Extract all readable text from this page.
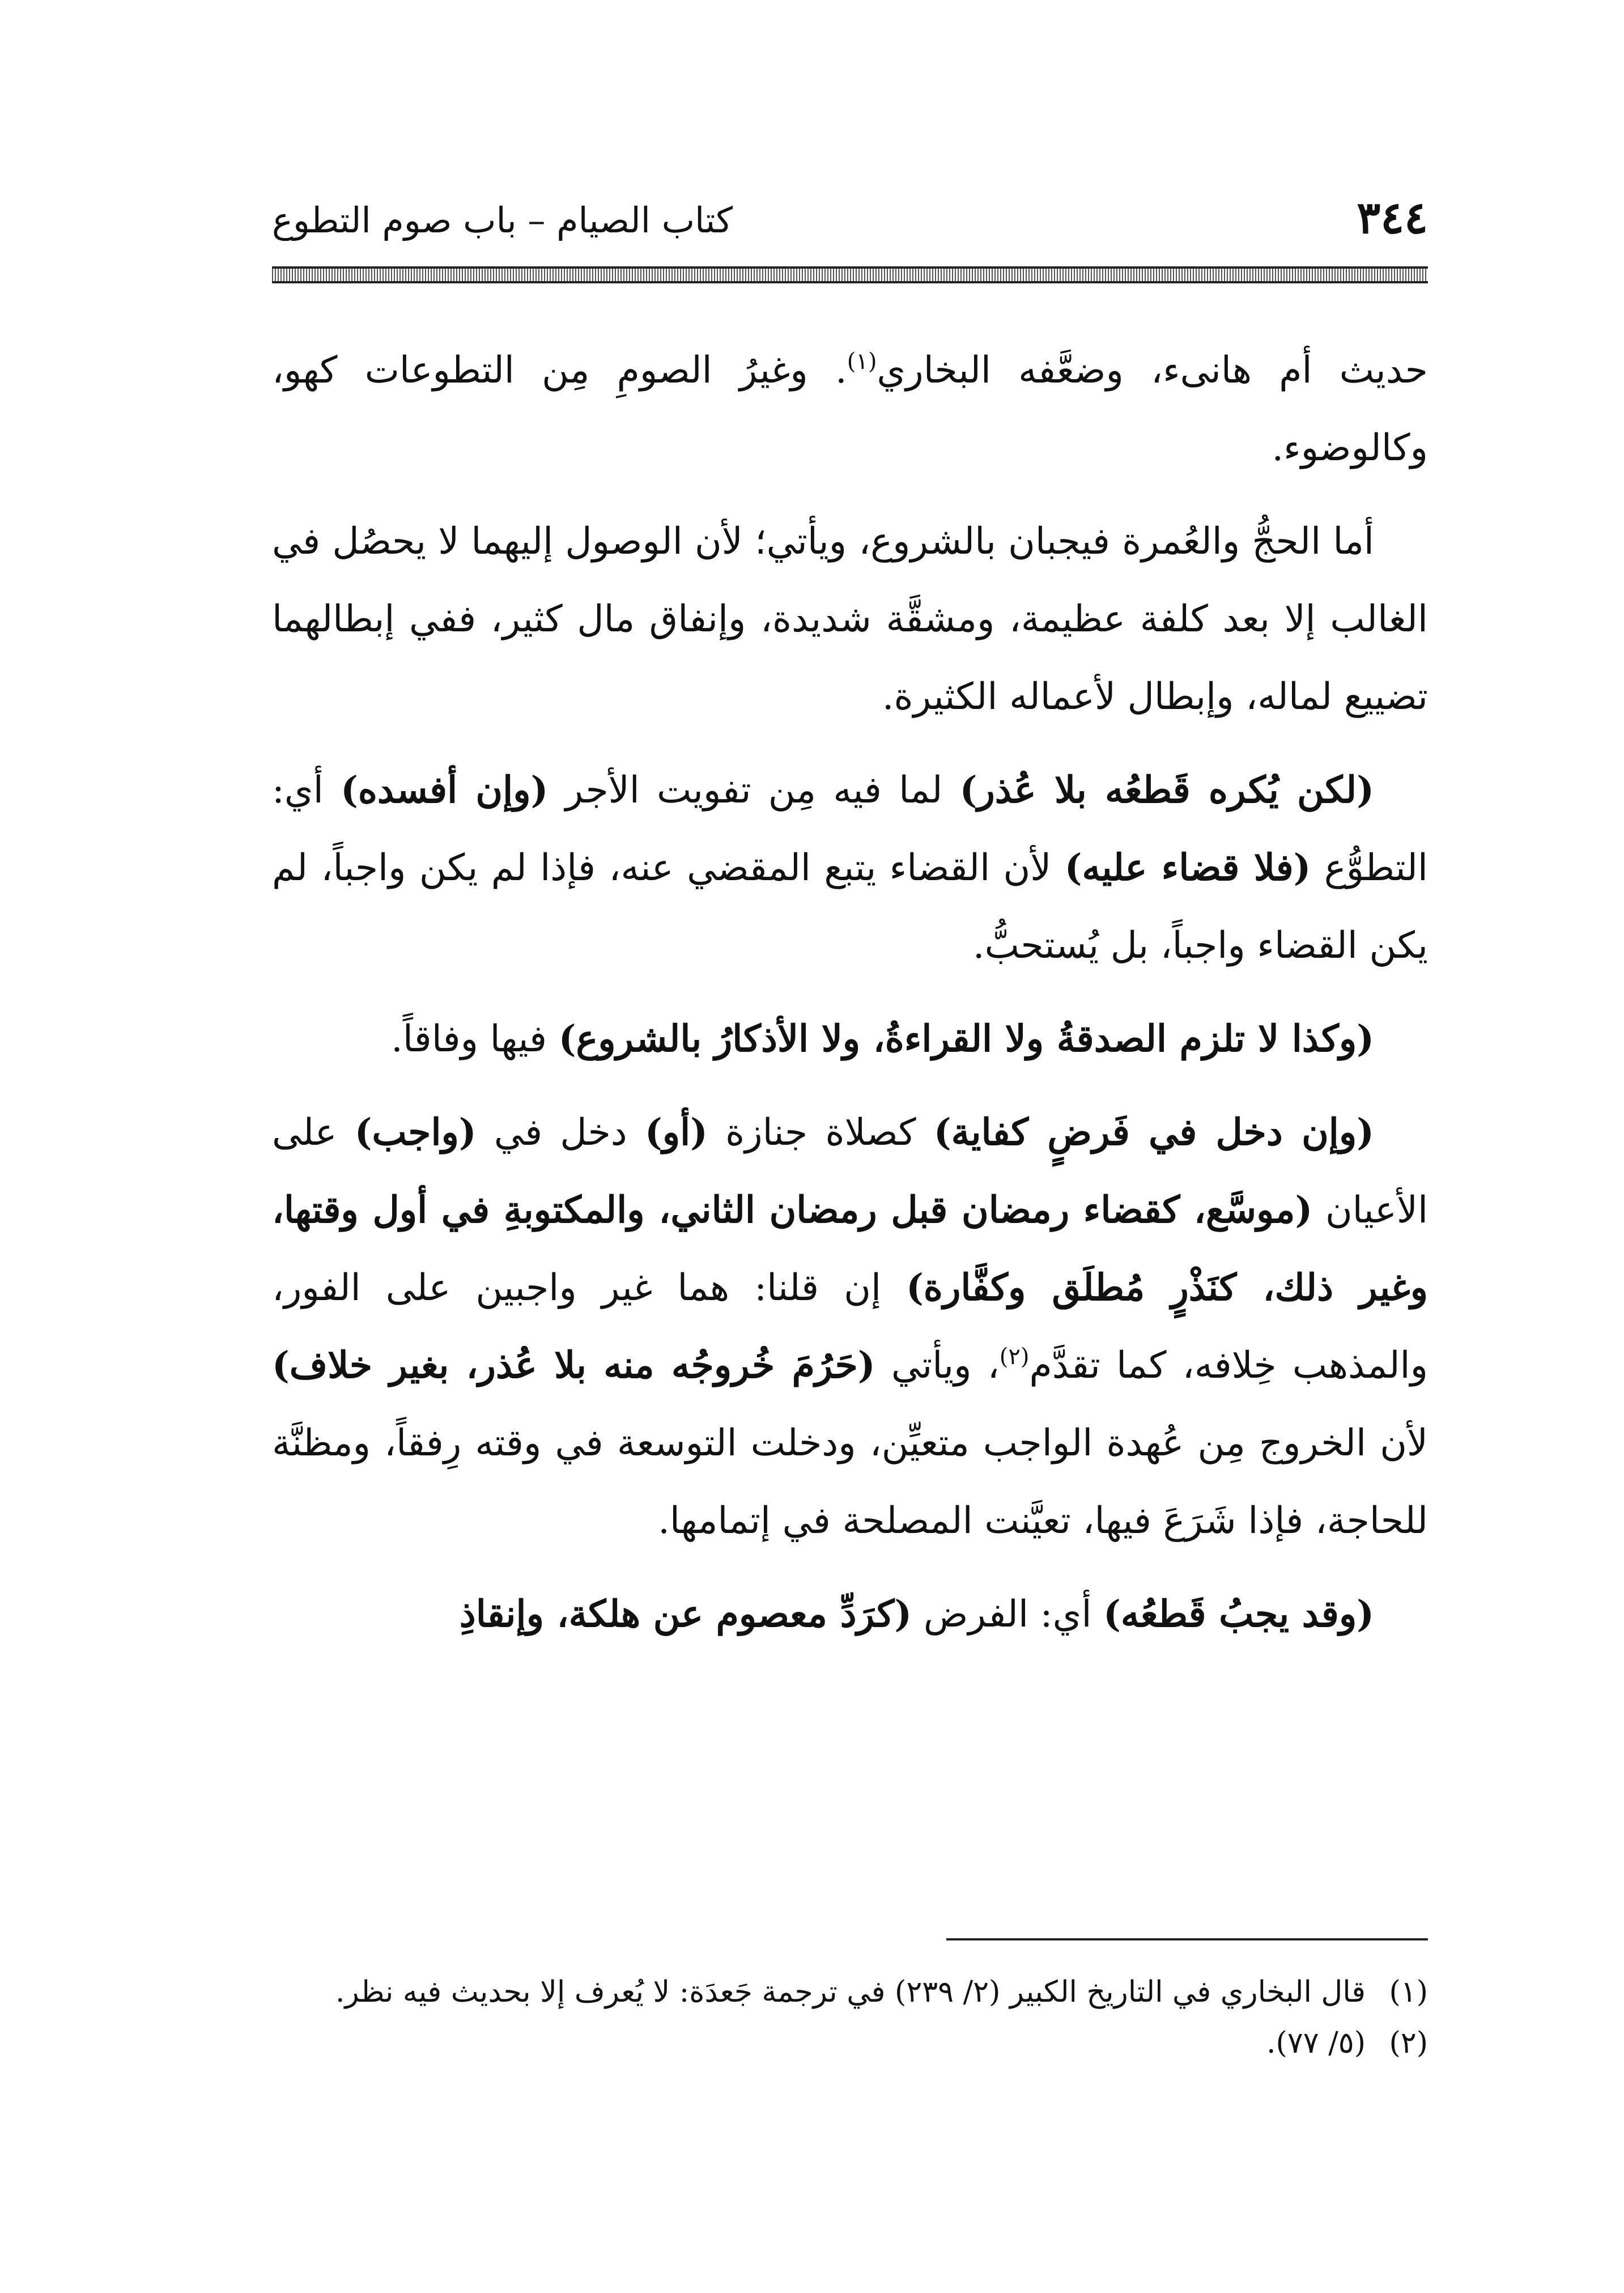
٣٤٤
كتاب الصيام – باب صوم التطوع

حديث أم هانىء، وضعَّفه البخاري$^{(١)}$. وغيرُ الصومِ مِن التطوعات كهو، وكالوضوء.

أما الحجُّ والعُمرة فيجبان بالشروع، ويأتي؛ لأن الوصول إليهما لا يحصُل في الغالب إلا بعد كلفة عظيمة، ومشقَّة شديدة، وإنفاق مال كثير، ففي إبطالهما تضييع لماله، وإبطال لأعماله الكثيرة.

(لكن يُكره قَطعُه بلا عُذر) لما فيه مِن تفويت الأجر (وإن أفسده) أي: التطوُّع (فلا قضاء عليه) لأن القضاء يتبع المقضي عنه، فإذا لم يكن واجباً، لم يكن القضاء واجباً، بل يُستحبُّ.

(وكذا لا تلزم الصدقةُ ولا القراءةُ، ولا الأذكارُ بالشروع) فيها وفاقاً.

(وإن دخل في فَرضٍ كفاية) كصلاة جنازة (أو) دخل في (واجب) على الأعيان (موسَّع، كقضاء رمضان قبل رمضان الثاني، والمكتوبةِ في أول وقتها، وغير ذلك، كنَذْرٍ مُطلَق وكفَّارة) إن قلنا: هما غير واجبين على الفور، والمذهب خِلافه، كما تقدَّم$^{(٢)}$، ويأتي (حَرُمَ خُروجُه منه بلا عُذر، بغير خلاف) لأن الخروج مِن عُهدة الواجب متعيِّن، ودخلت التوسعة في وقته رِفقاً، ومظنَّة للحاجة، فإذا شَرَعَ فيها، تعيَّنت المصلحة في إتمامها.

(وقد يجبُ قَطعُه) أي: الفرض (كرَدِّ معصوم عن هلكة، وإنقاذِ

(١)قال البخاري في التاريخ الكبير (٢/ ٢٣٩) في ترجمة جَعدَة: لا يُعرف إلا بحديث فيه نظر.

(٢)(٥/ ٧٧).
